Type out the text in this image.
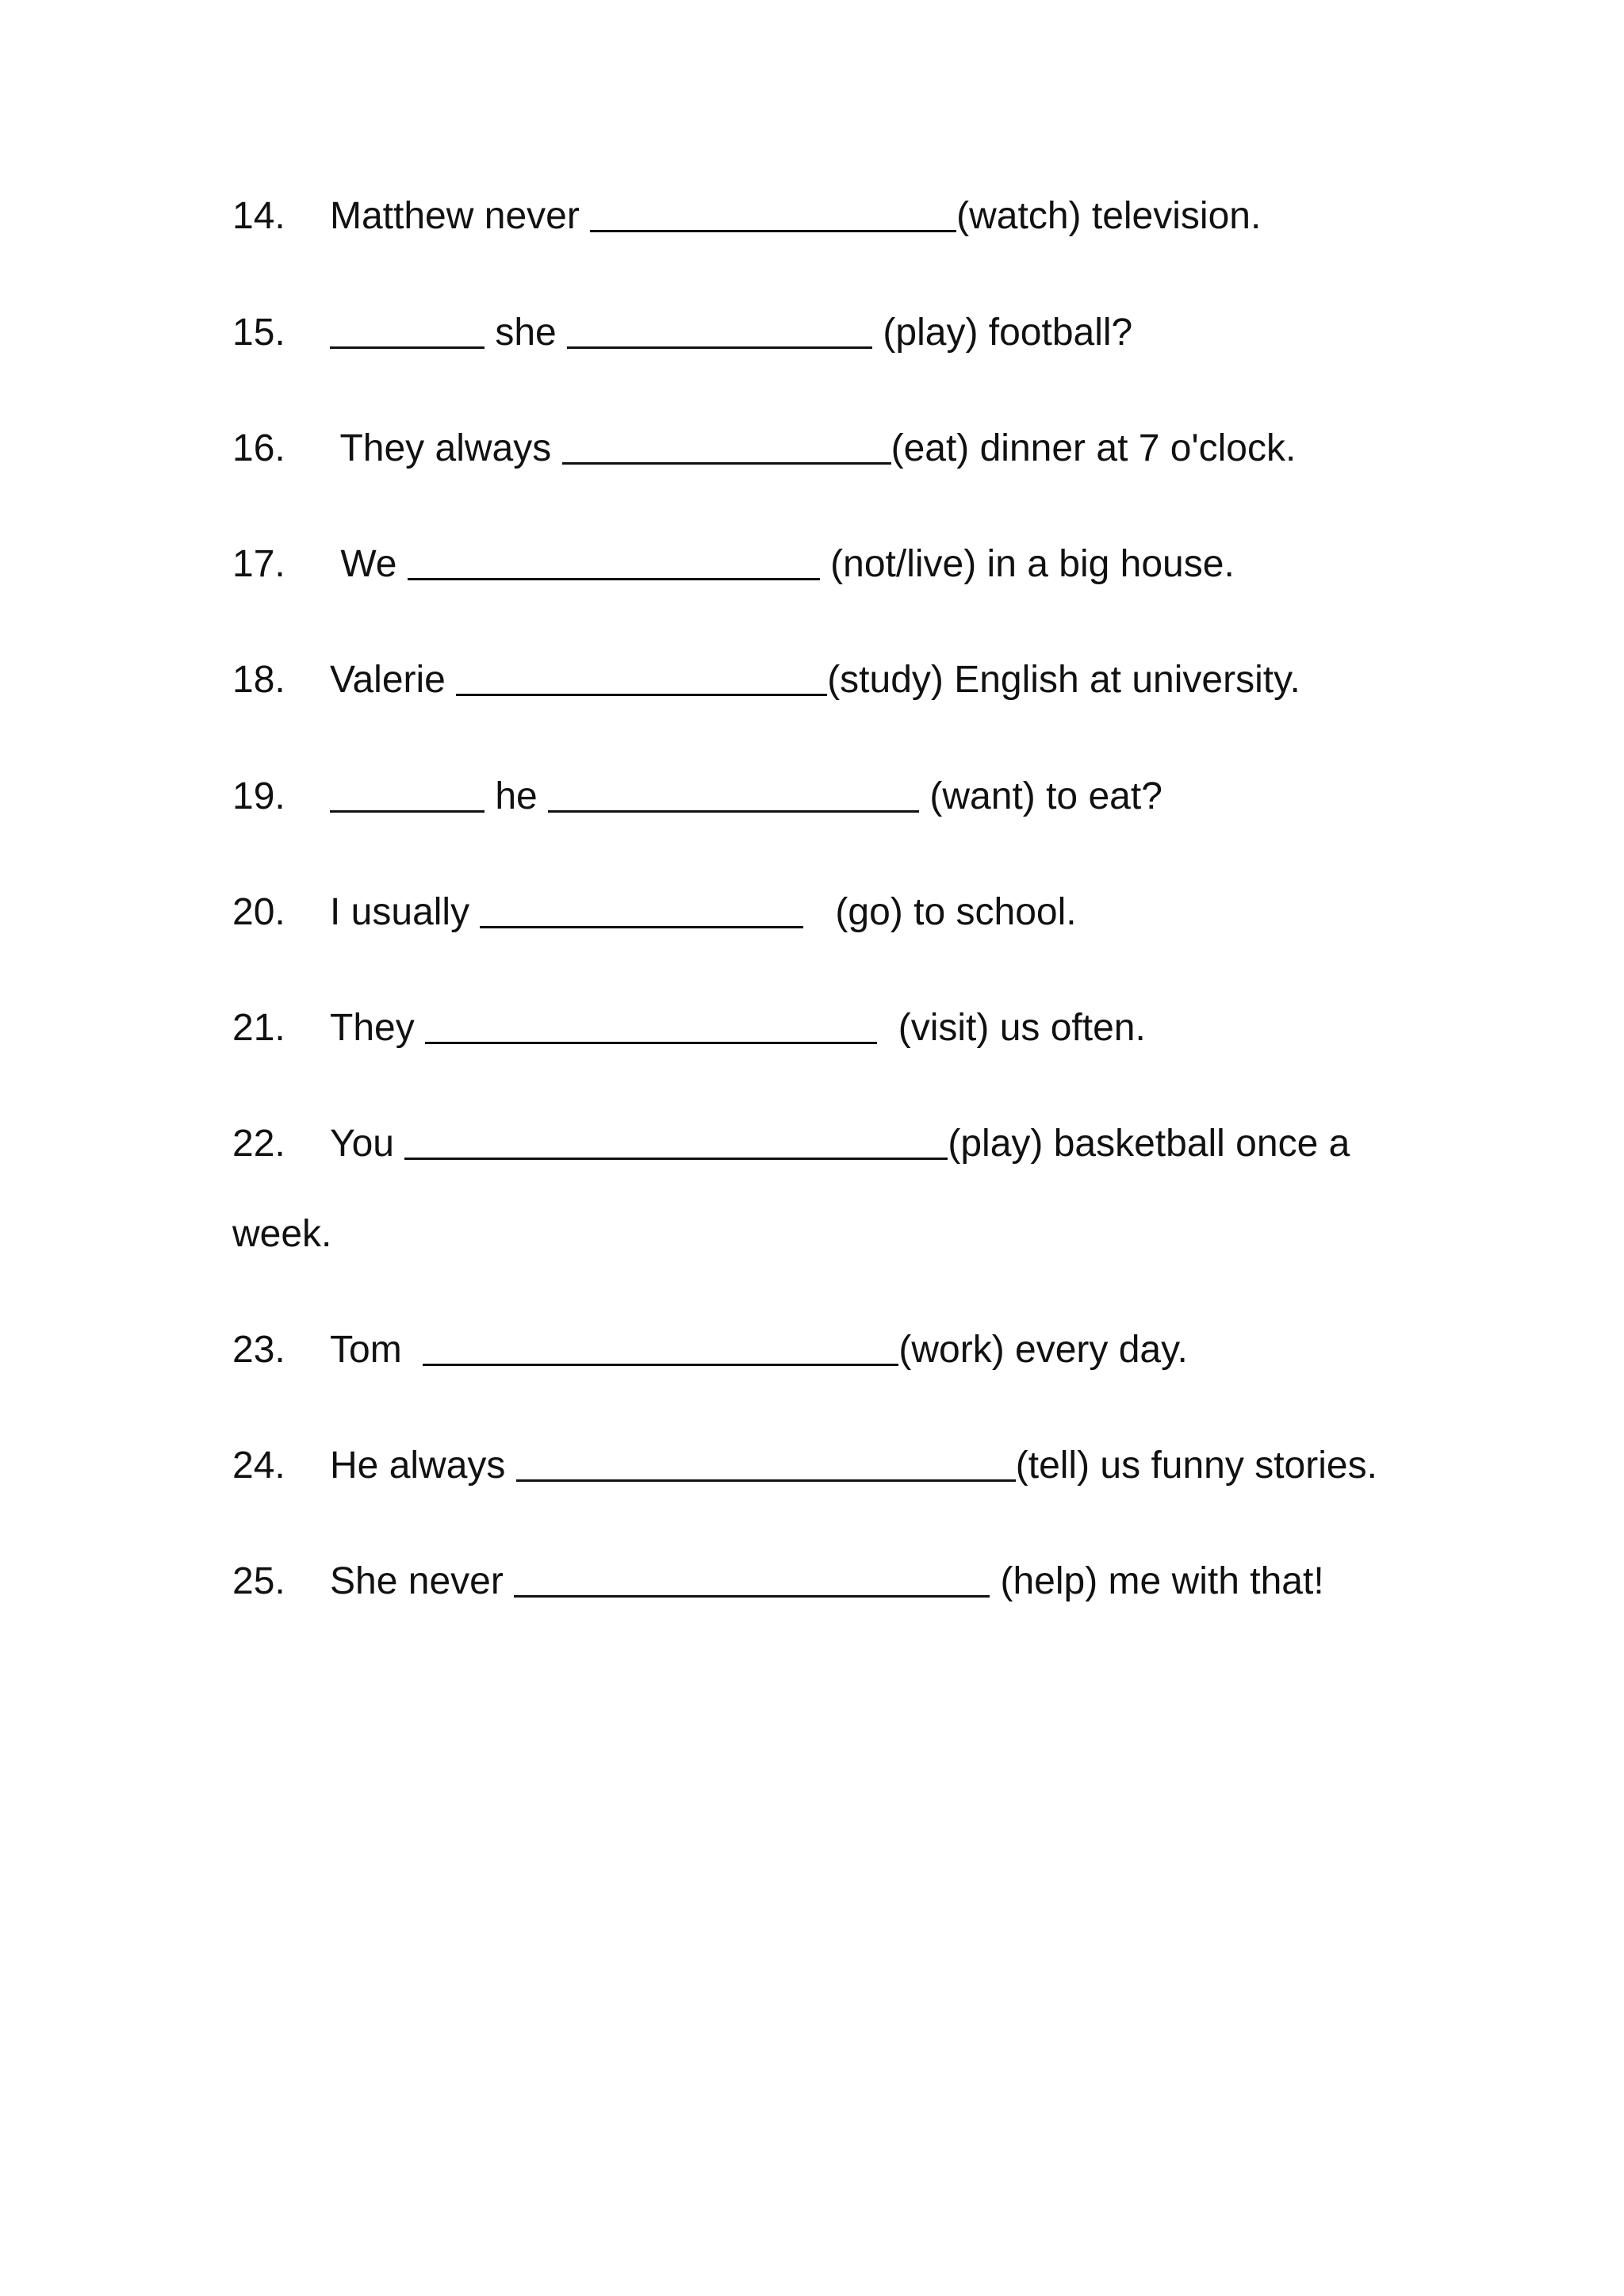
14. Matthew never	(watch) television.
15.	she	(play) football?
16. They always	(eat) dinner at 7 o'clock.
17. We	(not/live) in a big house.
18. Valerie	(study) English at university.
19.	he	(want) to eat?
20. I usually	(go) to school.
21. They	(visit) us often.
22. You	(play) basketball once a
week.
23. Tom	(work) every day.
24. He always	(tell) us funny stories.
25. She never	(help) me with that!
